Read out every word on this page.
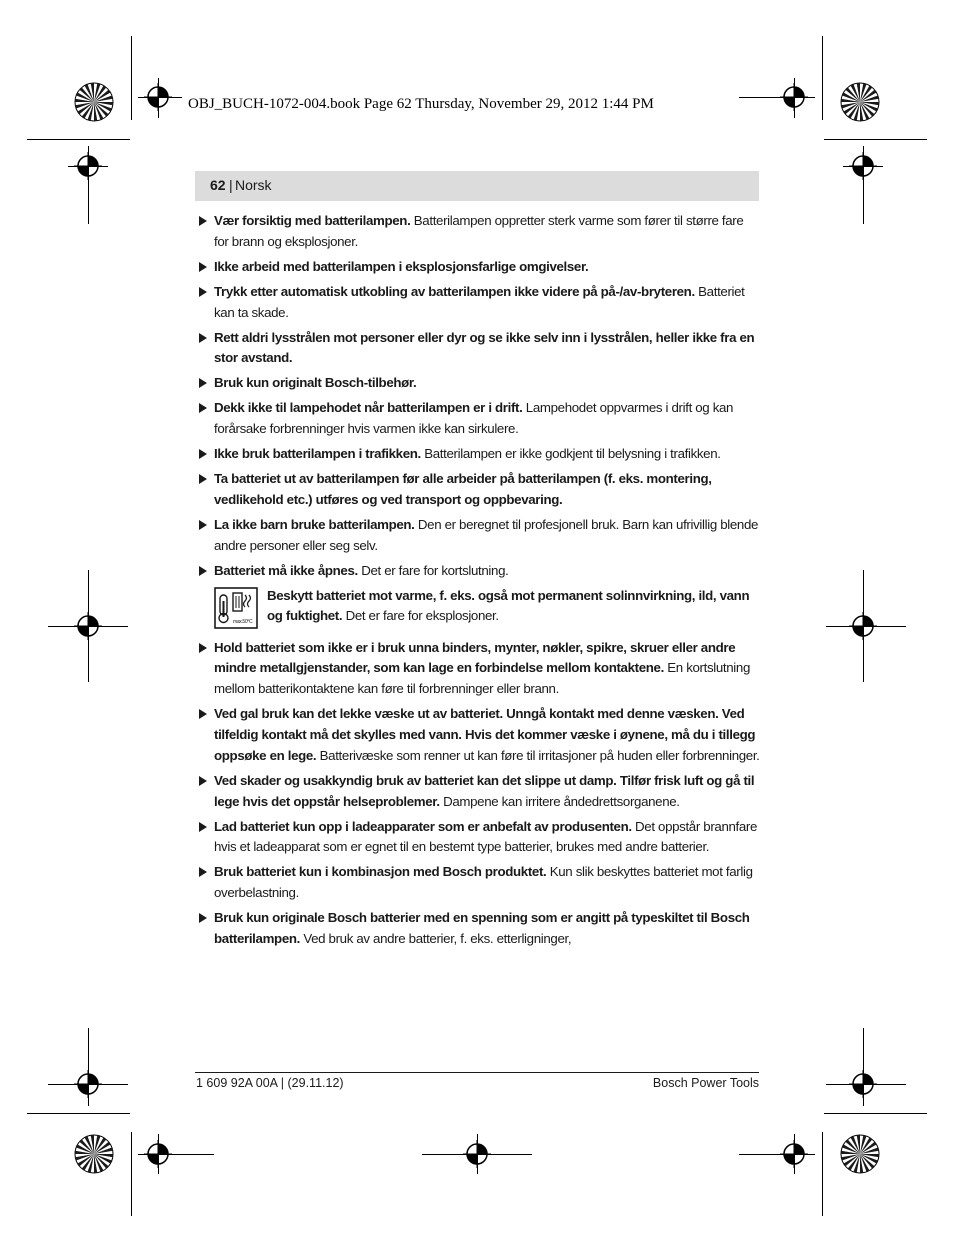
OBJ_BUCH-1072-004.book Page 62 Thursday, November 29, 2012 1:44 PM
62 | Norsk
Vær forsiktig med batterilampen. Batterilampen oppretter sterk varme som fører til større fare for brann og eksplosjoner.
Ikke arbeid med batterilampen i eksplosjonsfarlige omgivelser.
Trykk etter automatisk utkobling av batterilampen ikke videre på på-/av-bryteren. Batteriet kan ta skade.
Rett aldri lysstrålen mot personer eller dyr og se ikke selv inn i lysstrålen, heller ikke fra en stor avstand.
Bruk kun originalt Bosch-tilbehør.
Dekk ikke til lampehodet når batterilampen er i drift. Lampehodet oppvarmes i drift og kan forårsake forbrenninger hvis varmen ikke kan sirkulere.
Ikke bruk batterilampen i trafikken. Batterilampen er ikke godkjent til belysning i trafikken.
Ta batteriet ut av batterilampen før alle arbeider på batterilampen (f. eks. montering, vedlikehold etc.) utføres og ved transport og oppbevaring.
La ikke barn bruke batterilampen. Den er beregnet til profesjonell bruk. Barn kan ufrivillig blende andre personer eller seg selv.
Batteriet må ikke åpnes. Det er fare for kortslutning.
max.50°C
Beskytt batteriet mot varme, f. eks. også mot permanent solinnvirkning, ild, vann og fuktighet. Det er fare for eksplosjoner.
Hold batteriet som ikke er i bruk unna binders, mynter, nøkler, spikre, skruer eller andre mindre metallgjenstander, som kan lage en forbindelse mellom kontaktene. En kortslutning mellom batterikontaktene kan føre til forbrenninger eller brann.
Ved gal bruk kan det lekke væske ut av batteriet. Unngå kontakt med denne væsken. Ved tilfeldig kontakt må det skylles med vann. Hvis det kommer væske i øynene, må du i tillegg oppsøke en lege. Batterivæske som renner ut kan føre til irritasjoner på huden eller forbrenninger.
Ved skader og usakkyndig bruk av batteriet kan det slippe ut damp. Tilfør frisk luft og gå til lege hvis det oppstår helseproblemer. Dampene kan irritere åndedrettsorganene.
Lad batteriet kun opp i ladeapparater som er anbefalt av produsenten. Det oppstår brannfare hvis et ladeapparat som er egnet til en bestemt type batterier, brukes med andre batterier.
Bruk batteriet kun i kombinasjon med Bosch produktet. Kun slik beskyttes batteriet mot farlig overbelastning.
Bruk kun originale Bosch batterier med en spenning som er angitt på typeskiltet til Bosch batterilampen. Ved bruk av andre batterier, f. eks. etterligninger,
1 609 92A 00A | (29.11.12)	Bosch Power Tools
